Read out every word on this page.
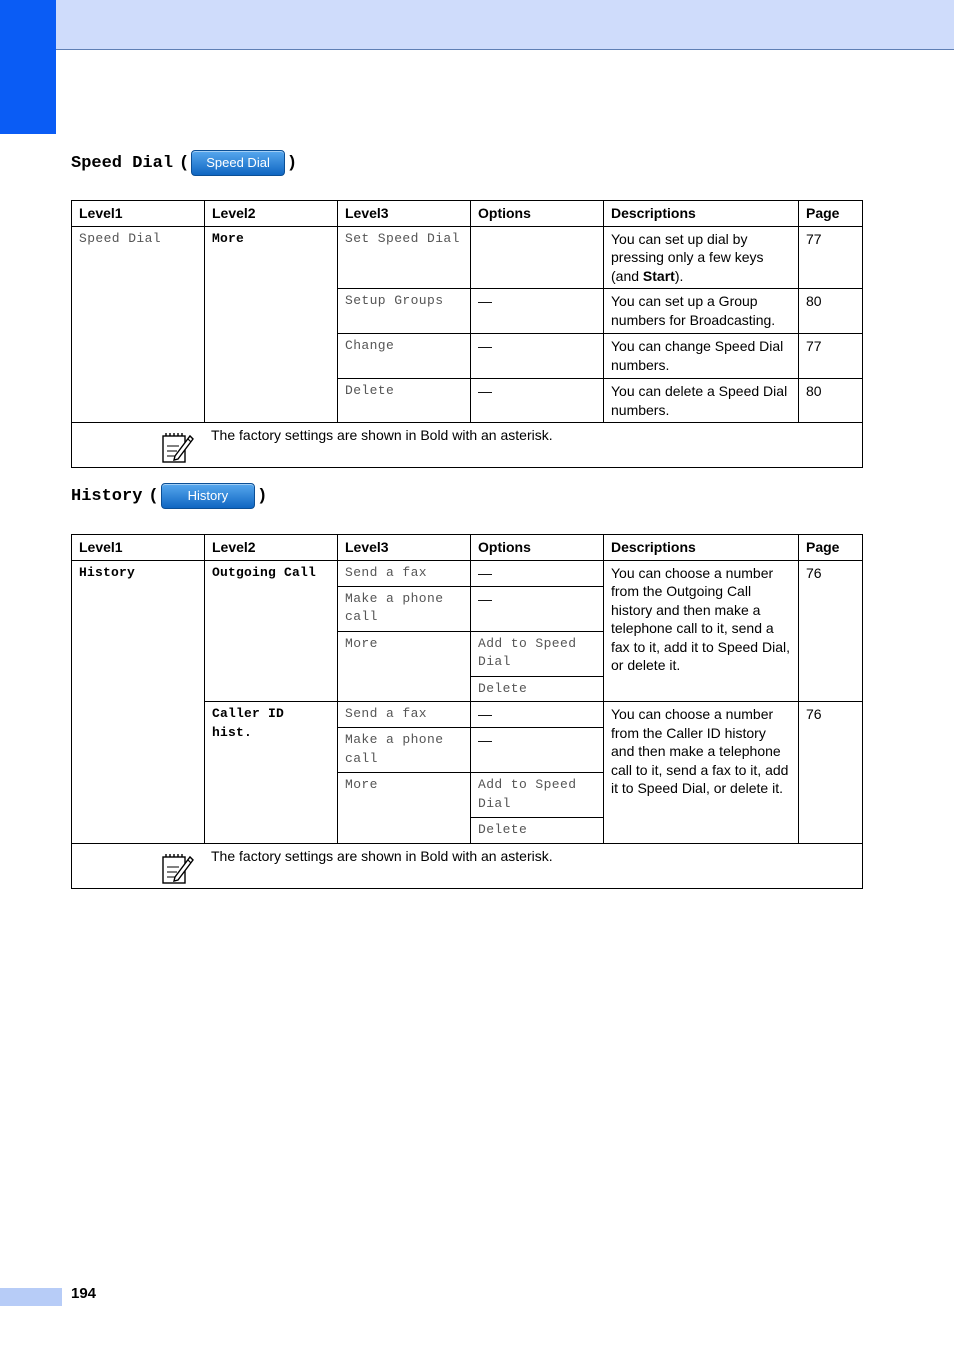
Speed Dial (	Speed Dial	)
Level1	Level2	Level3	Options	Descriptions	Page
Speed Dial	More	Set Speed Dial		You can set up dial by pressing only a few keys (and Start).	77
		Setup Groups	—	You can set up a Group numbers for Broadcasting.	80
		Change	—	You can change Speed Dial numbers.	77
		Delete	—	You can delete a Speed Dial numbers.	80

The factory settings are shown in Bold with an asterisk.					
History (	History	)
Level1	Level2	Level3	Options	Descriptions	Page
History	Outgoing Call	Send a fax	—	You can choose a number from the Outgoing Call history and then make a telephone call to it, send a fax to it, add it to Speed Dial, or delete it.	76
		Make a phone call	—		
		More	Add to Speed Dial		
			Delete		
	Caller ID hist.	Send a fax	—	You can choose a number from the Caller ID history and then make a telephone call to it, send a fax to it, add it to Speed Dial, or delete it.	76
		Make a phone call	—		
		More	Add to Speed Dial		
			Delete		

The factory settings are shown in Bold with an asterisk.					
194
